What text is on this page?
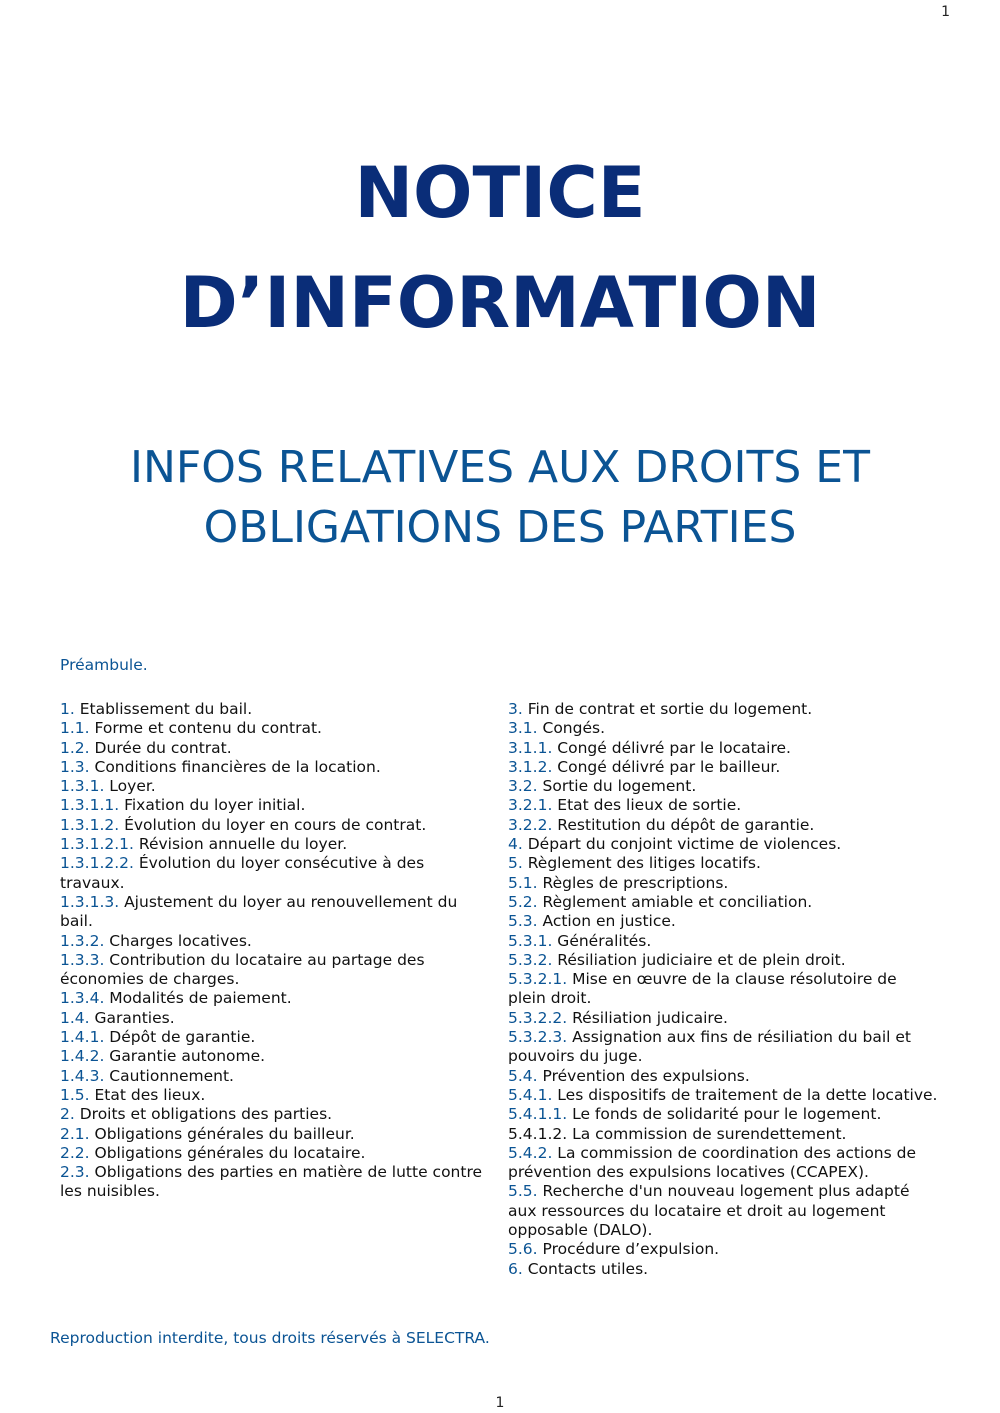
1
NOTICE
D’INFORMATION
INFOS RELATIVES AUX DROITS ET
OBLIGATIONS DES PARTIES
Préambule.
1. Etablissement du bail.
1.1. Forme et contenu du contrat.
1.2. Durée du contrat.
1.3. Conditions financières de la location.
1.3.1. Loyer.
1.3.1.1. Fixation du loyer initial.
1.3.1.2. Évolution du loyer en cours de contrat.
1.3.1.2.1. Révision annuelle du loyer.
1.3.1.2.2. Évolution du loyer consécutive à des travaux.
1.3.1.3. Ajustement du loyer au renouvellement du bail.
1.3.2. Charges locatives.
1.3.3. Contribution du locataire au partage des économies de charges.
1.3.4. Modalités de paiement.
1.4. Garanties.
1.4.1. Dépôt de garantie.
1.4.2. Garantie autonome.
1.4.3. Cautionnement.
1.5. Etat des lieux.
2. Droits et obligations des parties.
2.1. Obligations générales du bailleur.
2.2. Obligations générales du locataire.
2.3. Obligations des parties en matière de lutte contre les nuisibles.
3. Fin de contrat et sortie du logement.
3.1. Congés.
3.1.1. Congé délivré par le locataire.
3.1.2. Congé délivré par le bailleur.
3.2. Sortie du logement.
3.2.1. Etat des lieux de sortie.
3.2.2. Restitution du dépôt de garantie.
4. Départ du conjoint victime de violences.
5. Règlement des litiges locatifs.
5.1. Règles de prescriptions.
5.2. Règlement amiable et conciliation.
5.3. Action en justice.
5.3.1. Généralités.
5.3.2. Résiliation judiciaire et de plein droit.
5.3.2.1. Mise en œuvre de la clause résolutoire de plein droit.
5.3.2.2. Résiliation judicaire.
5.3.2.3. Assignation aux fins de résiliation du bail et pouvoirs du juge.
5.4. Prévention des expulsions.
5.4.1. Les dispositifs de traitement de la dette locative.
5.4.1.1. Le fonds de solidarité pour le logement. 5.4.1.2. La commission de surendettement.
5.4.2. La commission de coordination des actions de prévention des expulsions locatives (CCAPEX).
5.5. Recherche d'un nouveau logement plus adapté aux ressources du locataire et droit au logement opposable (DALO).
5.6. Procédure d’expulsion.
6. Contacts utiles.
Reproduction interdite, tous droits réservés à SELECTRA.
1
